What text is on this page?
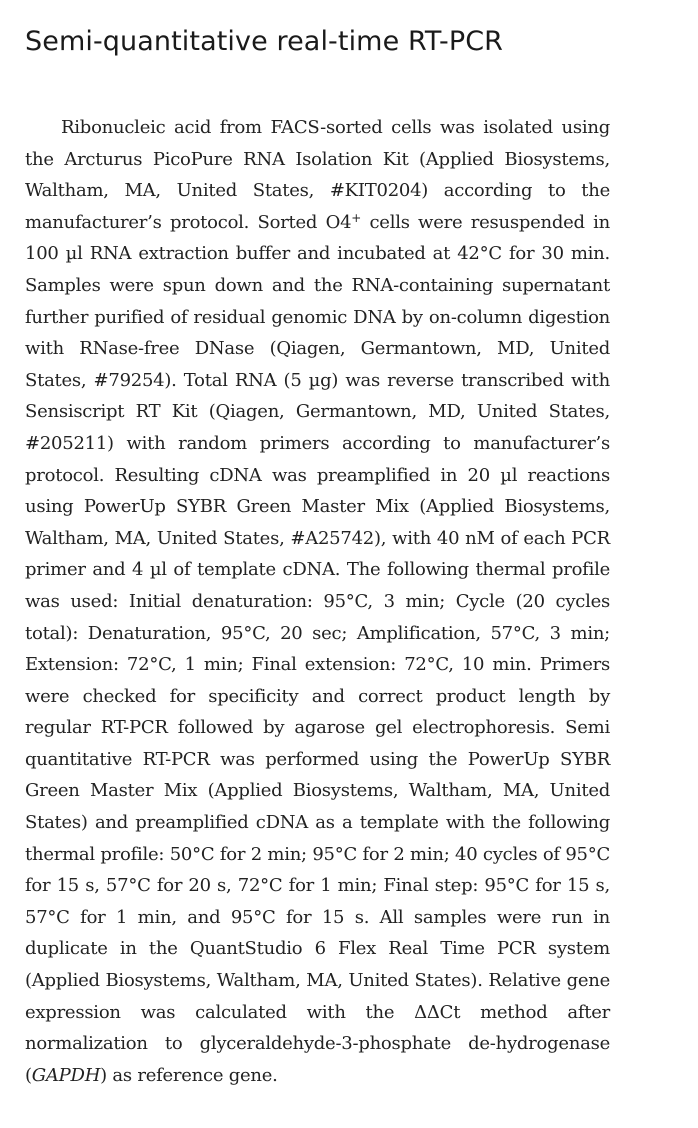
Semi-quantitative real-time RT-PCR

Ribonucleic acid from FACS-sorted cells was isolated using the Arcturus PicoPure RNA Isolation Kit (Applied Biosystems, Waltham, MA, United States, #KIT0204) according to the manufacturer’s protocol. Sorted O4+ cells were resuspended in 100 µl RNA extraction buffer and incubated at 42°C for 30 min. Samples were spun down and the RNA-containing supernatant further purified of residual genomic DNA by on-column digestion with RNase-free DNase (Qiagen, Germantown, MD, United States, #79254). Total RNA (5 µg) was reverse transcribed with Sensiscript RT Kit (Qiagen, Germantown, MD, United States, #205211) with random primers according to manufacturer’s protocol. Resulting cDNA was preamplified in 20 µl reactions using PowerUp SYBR Green Master Mix (Applied Biosystems, Waltham, MA, United States, #A25742), with 40 nM of each PCR primer and 4 µl of template cDNA. The following thermal profile was used: Initial denaturation: 95°C, 3 min; Cycle (20 cycles total): Denaturation, 95°C, 20 sec; Amplification, 57°C, 3 min; Extension: 72°C, 1 min; Final extension: 72°C, 10 min. Primers were checked for specificity and correct product length by regular RT-PCR followed by agarose gel electrophoresis. Semi quantitative RT-PCR was performed using the PowerUp SYBR Green Master Mix (Applied Biosystems, Waltham, MA, United States) and preamplified cDNA as a template with the following thermal profile: 50°C for 2 min; 95°C for 2 min; 40 cycles of 95°C for 15 s, 57°C for 20 s, 72°C for 1 min; Final step: 95°C for 15 s, 57°C for 1 min, and 95°C for 15 s. All samples were run in duplicate in the QuantStudio 6 Flex Real Time PCR system (Applied Biosystems, Waltham, MA, United States). Relative gene expression was calculated with the ΔΔCt method after normalization to glyceraldehyde-3-phosphate de-hydrogenase (GAPDH) as reference gene.
